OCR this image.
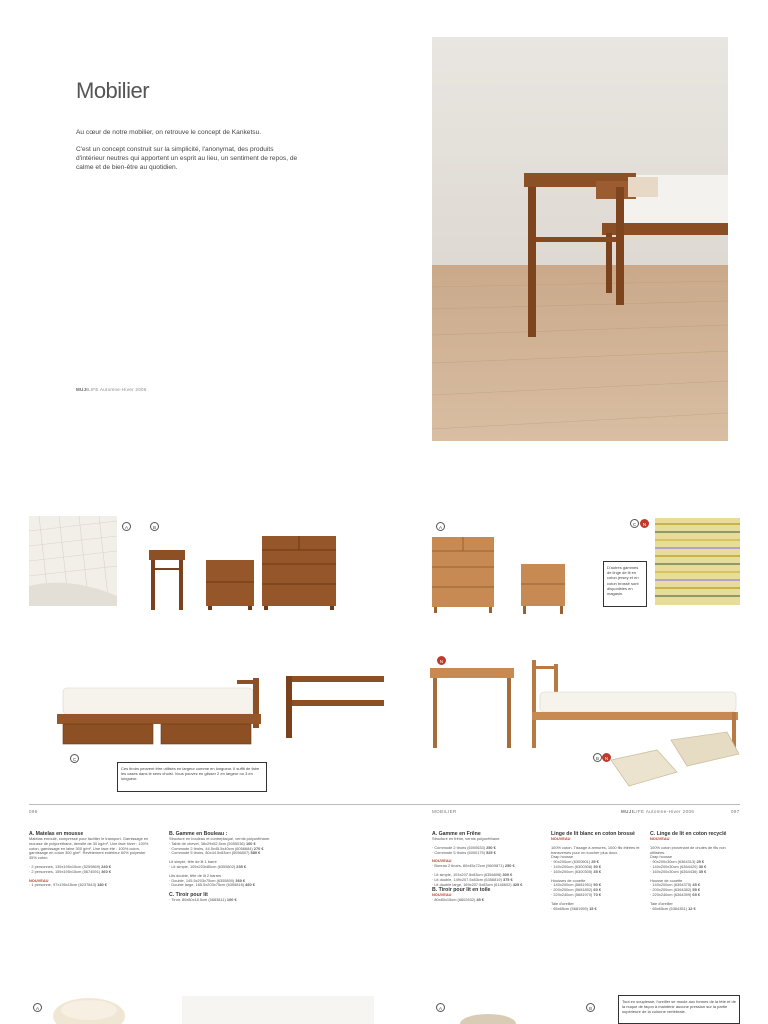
Mobilier

Au cœur de notre mobilier, on retrouve le concept de Kanketsu.

C'est un concept construit sur la simplicité, l'anonymat, des produits d'intérieur neutres qui apportent un esprit au lieu, un sentiment de repos, de calme et de bien-être au quotidien.

MUJILIFE Automne-Hiver 2006
A	B	A
D'autres gammes de linge de lit en coton jersey et en coton brossé sont disponibles en magasin.
C	N
C
Ces tiroirs peuvent être utilisés en largeur comme en longueur. Il suffit de faire les cases dans le sens choisi. Vous pouvez en glisser 2 en largeur ou 3 en longueur.
N
B	N
096	MOBILIER	MUJILIFE Automne-Hiver 2006	097
A. Matelas en mousse
Matelas enroulé, compressé pour faciliter le transport. Garnissage en mousse de polyuréthane, densité de 30 kg/m³. Une face hiver : 100% coton, garnissage en laine 300 g/m². Une face été : 100% coton, garnissage en coton 300 g/m². Revêtement extérieur 60% polyester 35% coton.
· 2 personnes, 139x195x15cm (5259869) 240 €
· 2 personnes, 159x195x15cm (5674591) 360 €
NOUVEAU
· 1 personne, 97x195x15cm (6237843) 180 €
B. Gamme en Bouleau :
Structure en bouleau et contreplaqué, vernis polyuréthane.
· Table de chevet, 38x29x52.5cm (5055036) 100 €
· Commode 2 tiroirs, 44.5x45.5x40cm (6056684) 270 €
· Commode 5 tiroirs, 80x44.5x83cm (5056807) 580 €
Lit simple, tête de lit 1 barre
· Lit simple, 109x203x80cm (6355802) 235 €
Lits double, tête de lit 2 barres
· Double, 145.5x203x75cm (6355800) 360 €
· Double large, 165.5x203x75cm (6355816) 460 €
C. Tiroir pour lit
· Tiroir, 80x80x18.5cm (5683811) 100 €
A. Gamme en Frêne
Structure en frêne, vernis polyuréthane.
· Commode 2 tiroirs (6000633) 250 €
· Commode 5 tiroirs (6000175) 525 €
NOUVEAU
· Bureau 2 tiroirs, 80x45x72cm (5609871) 250 €
· Lit simple, 103x207.5x83cm (6356898) 300 €
· Lit double, 149x207.5x83cm (6356819) 375 €
· Lit double large, 169x207.5x83cm (6146602) 425 €
B. Tiroir pour lit en toile
NOUVEAU
· 80x80x15cm (6602632) 45 €
Linge de lit blanc en coton brossé
NOUVEAU
100% coton. Tissage à armures, 1000 fils étirées et transverses pour un toucher plus doux.
Drap housse
· 90x200cm (6300601) 25 €
· 140x200cm (6300308) 30 €
· 160x200cm (6300305) 35 €
Housses de couette
· 140x200cm (5681951) 50 €
· 200x200cm (5681852) 60 €
· 220x240cm (5681970) 70 €
Taie d'oreiller
· 65x65cm (5681959) 15 €
C. Linge de lit en coton recyclé
NOUVEAU
100% coton provenant de chutes de fils non utilisées.
Drap housse
· 90x200x30cm (6364313) 25 €
· 140x200x30cm (6364420) 30 €
· 160x200x30cm (6364436) 35 €
Housse de couette
· 140x200cm (6364375) 45 €
· 200x200cm (6364382) 55 €
· 220x240cm (6364399) 65 €
Taie d'oreiller
· 65x65cm (6364351) 12 €
A	A	B
Tout en souplesse, l'oreiller se moule aux formes de la tête et de la nuque de façon à maintenir aucune pression sur la partie supérieure de la colonne vertébrale.
